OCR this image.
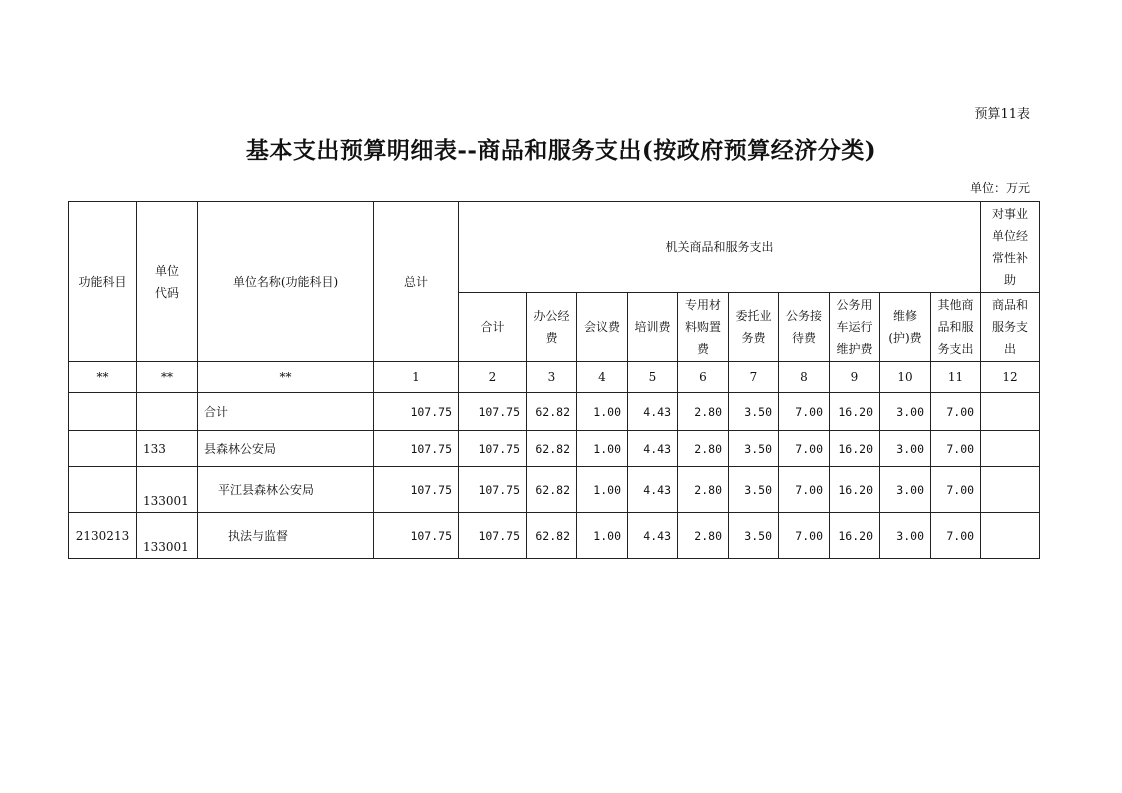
预算11表
基本支出预算明细表--商品和服务支出(按政府预算经济分类)
单位：万元
功能科目	单位代码	单位名称(功能科目)	总计	机关商品和服务支出										对事业单位经常性补助
				合计	办公经费	会议费	培训费	专用材料购置费	委托业务费	公务接待费	公务用车运行维护费	维修(护)费	其他商品和服务支出	商品和服务支出
**	**	**	1	2	3	4	5	6	7	8	9	10	11	12
		合计	107.75	107.75	62.82	1.00	4.43	2.80	3.50	7.00	16.20	3.00	7.00	
	133	县森林公安局	107.75	107.75	62.82	1.00	4.43	2.80	3.50	7.00	16.20	3.00	7.00	
	133001	平江县森林公安局	107.75	107.75	62.82	1.00	4.43	2.80	3.50	7.00	16.20	3.00	7.00	
2130213	133001	执法与监督	107.75	107.75	62.82	1.00	4.43	2.80	3.50	7.00	16.20	3.00	7.00	
